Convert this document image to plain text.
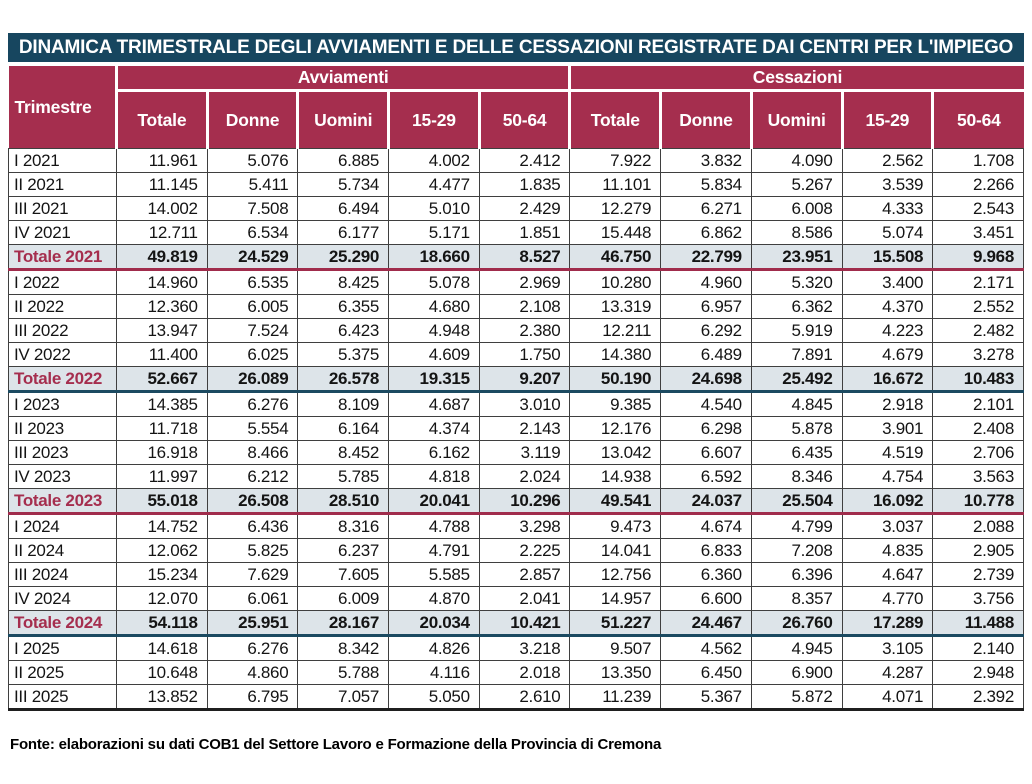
DINAMICA TRIMESTRALE DEGLI AVVIAMENTI E DELLE CESSAZIONI REGISTRATE DAI CENTRI PER L'IMPIEGO
Trimestre	Avviamenti					Cessazioni				
	Totale	Donne	Uomini	15-29	50-64	Totale	Donne	Uomini	15-29	50-64
I 2021	11.961	5.076	6.885	4.002	2.412	7.922	3.832	4.090	2.562	1.708
II 2021	11.145	5.411	5.734	4.477	1.835	11.101	5.834	5.267	3.539	2.266
III 2021	14.002	7.508	6.494	5.010	2.429	12.279	6.271	6.008	4.333	2.543
IV 2021	12.711	6.534	6.177	5.171	1.851	15.448	6.862	8.586	5.074	3.451
Totale 2021	49.819	24.529	25.290	18.660	8.527	46.750	22.799	23.951	15.508	9.968
I 2022	14.960	6.535	8.425	5.078	2.969	10.280	4.960	5.320	3.400	2.171
II 2022	12.360	6.005	6.355	4.680	2.108	13.319	6.957	6.362	4.370	2.552
III 2022	13.947	7.524	6.423	4.948	2.380	12.211	6.292	5.919	4.223	2.482
IV 2022	11.400	6.025	5.375	4.609	1.750	14.380	6.489	7.891	4.679	3.278
Totale 2022	52.667	26.089	26.578	19.315	9.207	50.190	24.698	25.492	16.672	10.483
I 2023	14.385	6.276	8.109	4.687	3.010	9.385	4.540	4.845	2.918	2.101
II 2023	11.718	5.554	6.164	4.374	2.143	12.176	6.298	5.878	3.901	2.408
III 2023	16.918	8.466	8.452	6.162	3.119	13.042	6.607	6.435	4.519	2.706
IV 2023	11.997	6.212	5.785	4.818	2.024	14.938	6.592	8.346	4.754	3.563
Totale 2023	55.018	26.508	28.510	20.041	10.296	49.541	24.037	25.504	16.092	10.778
I 2024	14.752	6.436	8.316	4.788	3.298	9.473	4.674	4.799	3.037	2.088
II 2024	12.062	5.825	6.237	4.791	2.225	14.041	6.833	7.208	4.835	2.905
III 2024	15.234	7.629	7.605	5.585	2.857	12.756	6.360	6.396	4.647	2.739
IV 2024	12.070	6.061	6.009	4.870	2.041	14.957	6.600	8.357	4.770	3.756
Totale 2024	54.118	25.951	28.167	20.034	10.421	51.227	24.467	26.760	17.289	11.488
I 2025	14.618	6.276	8.342	4.826	3.218	9.507	4.562	4.945	3.105	2.140
II 2025	10.648	4.860	5.788	4.116	2.018	13.350	6.450	6.900	4.287	2.948
III 2025	13.852	6.795	7.057	5.050	2.610	11.239	5.367	5.872	4.071	2.392
Fonte: elaborazioni su dati COB1 del Settore Lavoro e Formazione della Provincia di Cremona
